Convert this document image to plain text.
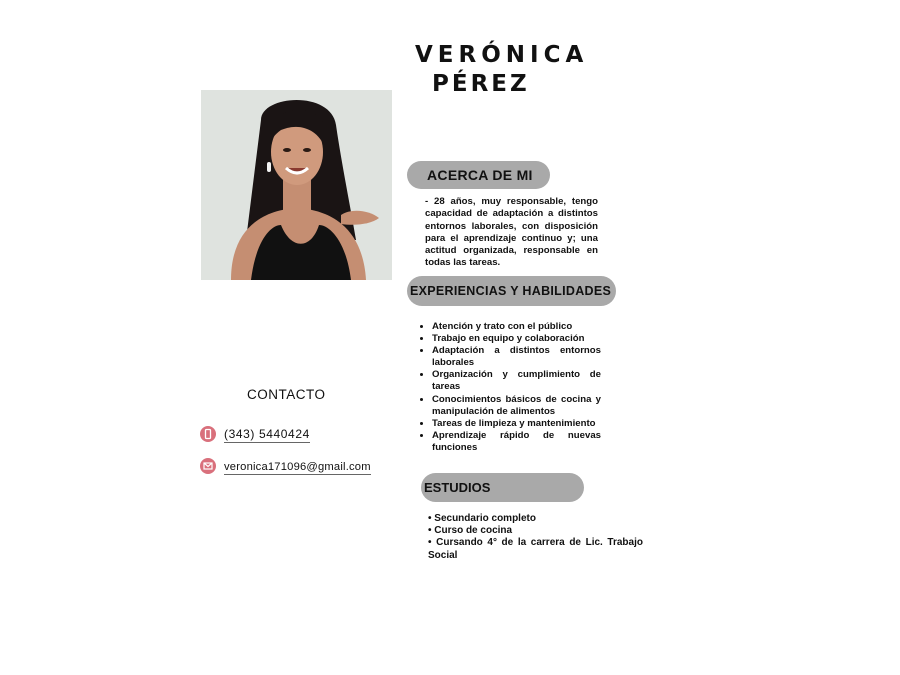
VERÓNICA
PÉREZ
ACERCA DE MI
- 28 años, muy responsable, tengo capacidad de adaptación a distintos entornos laborales, con disposición para el aprendizaje continuo y; una actitud organizada, responsable en todas las tareas.
EXPERIENCIAS Y HABILIDADES
• Atención y trato con el público
• Trabajo en equipo y colaboración
• Adaptación a distintos entornos laborales
• Organización y cumplimiento de tareas
• Conocimientos básicos de cocina y manipulación de alimentos
• Tareas de limpieza y mantenimiento
• Aprendizaje rápido de nuevas funciones
ESTUDIOS
• Secundario completo
• Curso de cocina
• Cursando 4° de la carrera de Lic. Trabajo Social
CONTACTO
(343) 5440424
veronica171096@gmail.com
